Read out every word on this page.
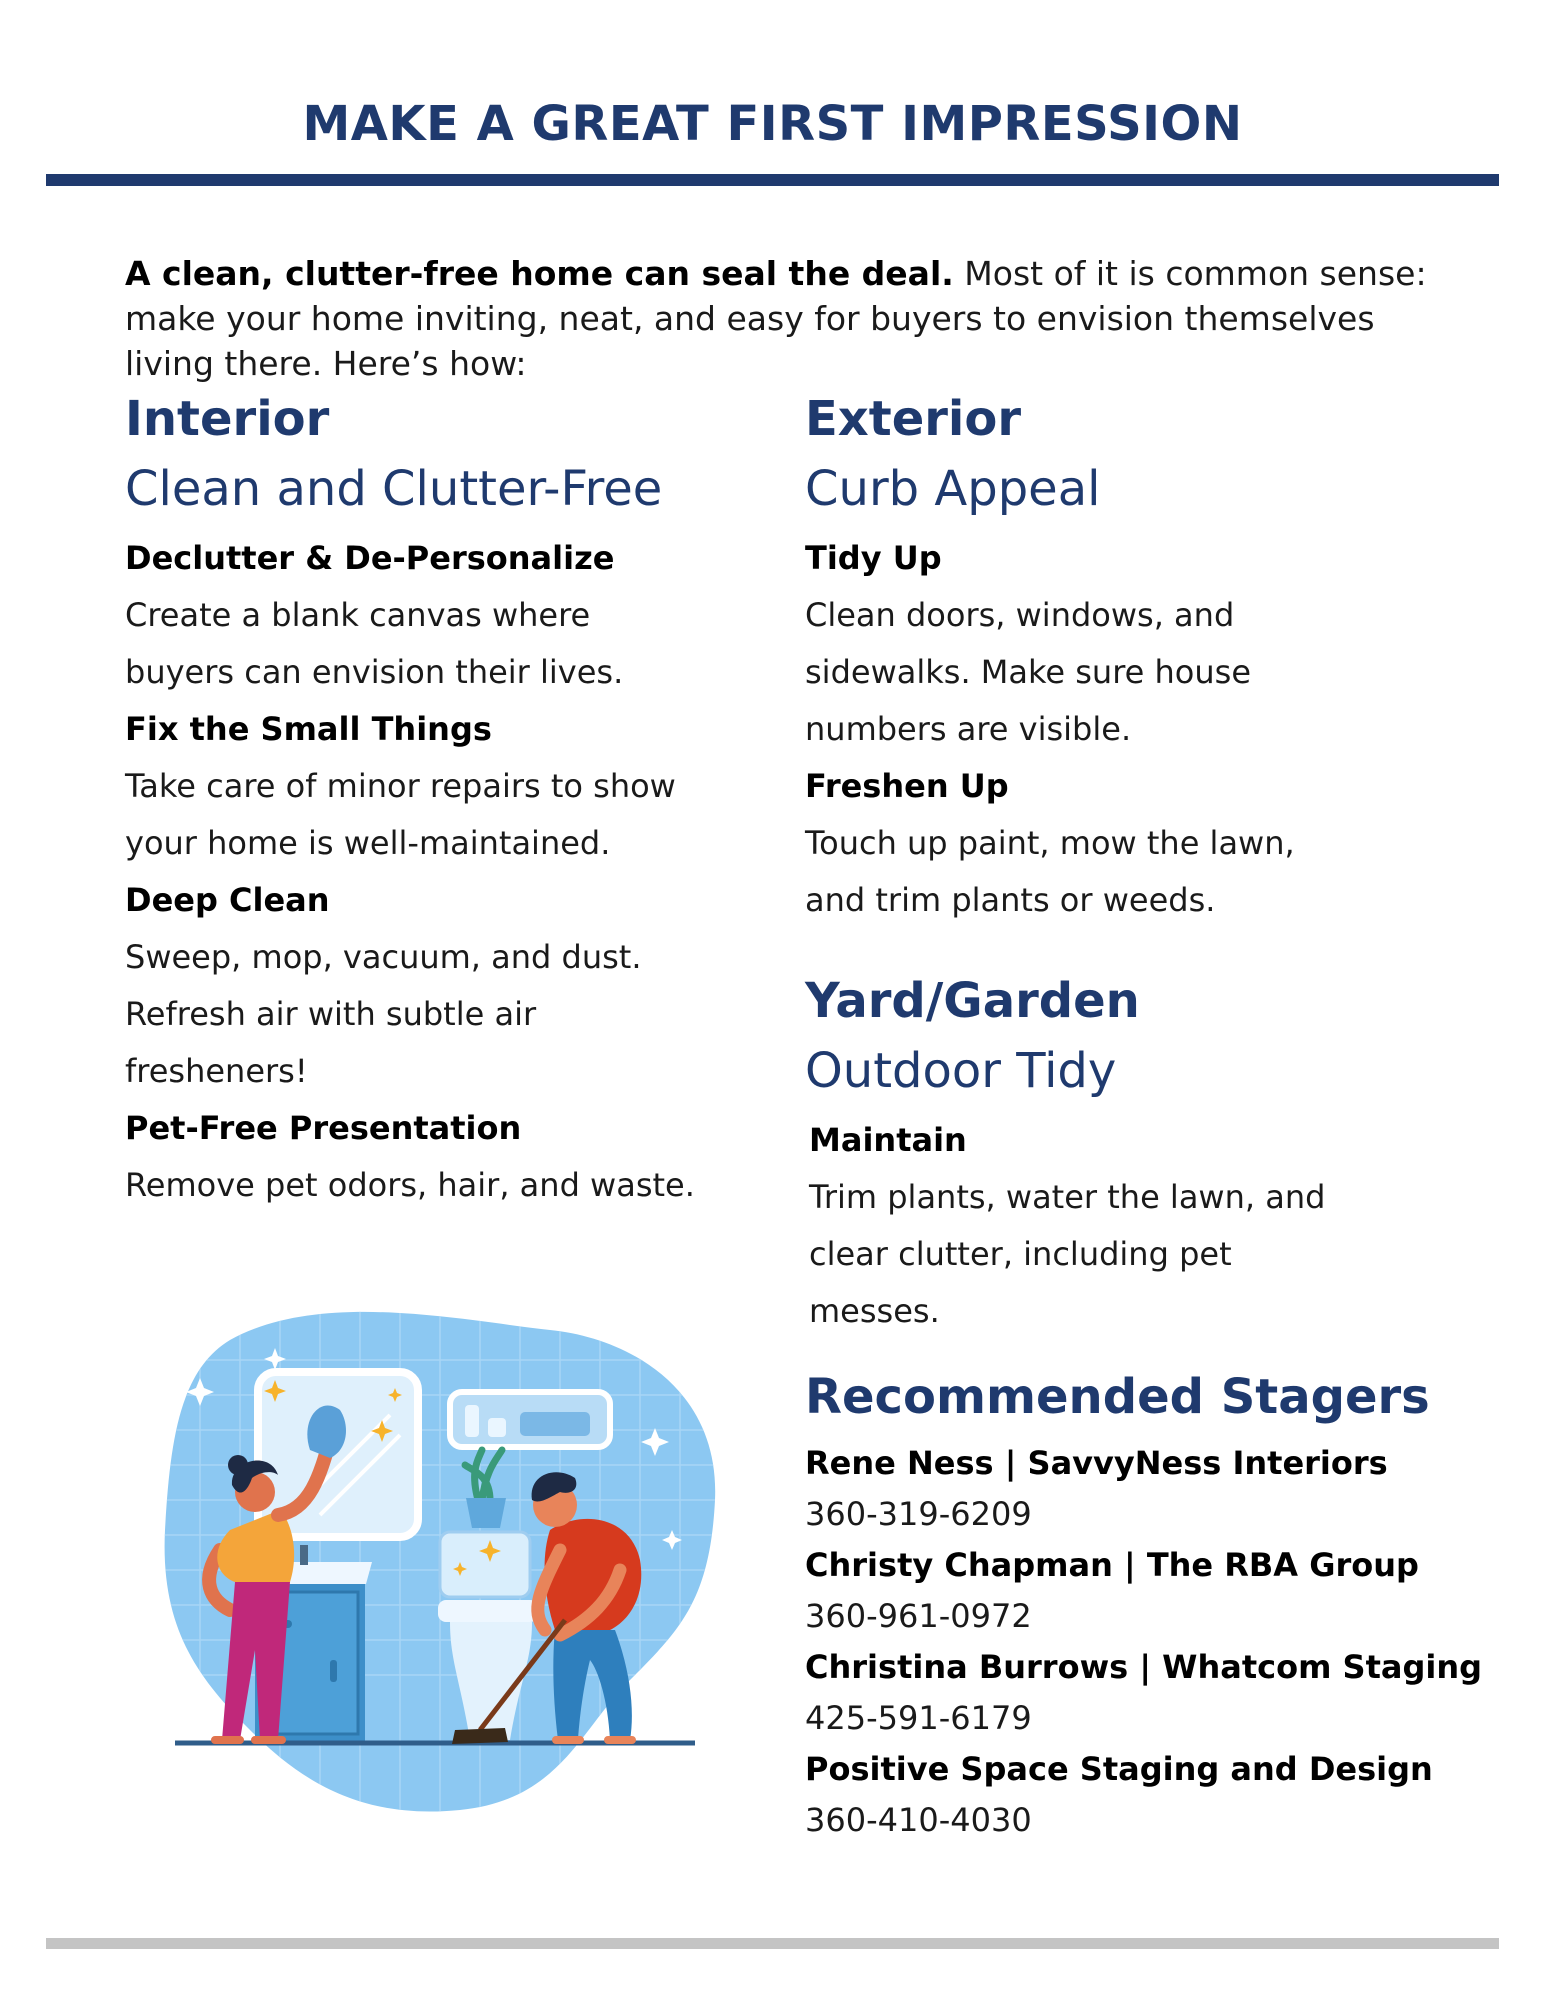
MAKE A GREAT FIRST IMPRESSION

A clean, clutter-free home can seal the deal. Most of it is common sense: make your home inviting, neat, and easy for buyers to envision themselves living there. Here’s how:

Interior
Clean and Clutter-Free

Declutter & De-Personalize

Create a blank canvas where

buyers can envision their lives.

Fix the Small Things

Take care of minor repairs to show

your home is well-maintained.

Deep Clean

Sweep, mop, vacuum, and dust.

Refresh air with subtle air

fresheners!

Pet-Free Presentation

Remove pet odors, hair, and waste.

Exterior
Curb Appeal

Tidy Up

Clean doors, windows, and

sidewalks. Make sure house

numbers are visible.

Freshen Up

Touch up paint, mow the lawn,

and trim plants or weeds.

Yard/Garden
Outdoor Tidy

Maintain

Trim plants, water the lawn, and

clear clutter, including pet

messes.

Recommended Stagers

Rene Ness | SavvyNess Interiors

360-319-6209

Christy Chapman | The RBA Group

360-961-0972

Christina Burrows | Whatcom Staging

425-591-6179

Positive Space Staging and Design

360-410-4030
